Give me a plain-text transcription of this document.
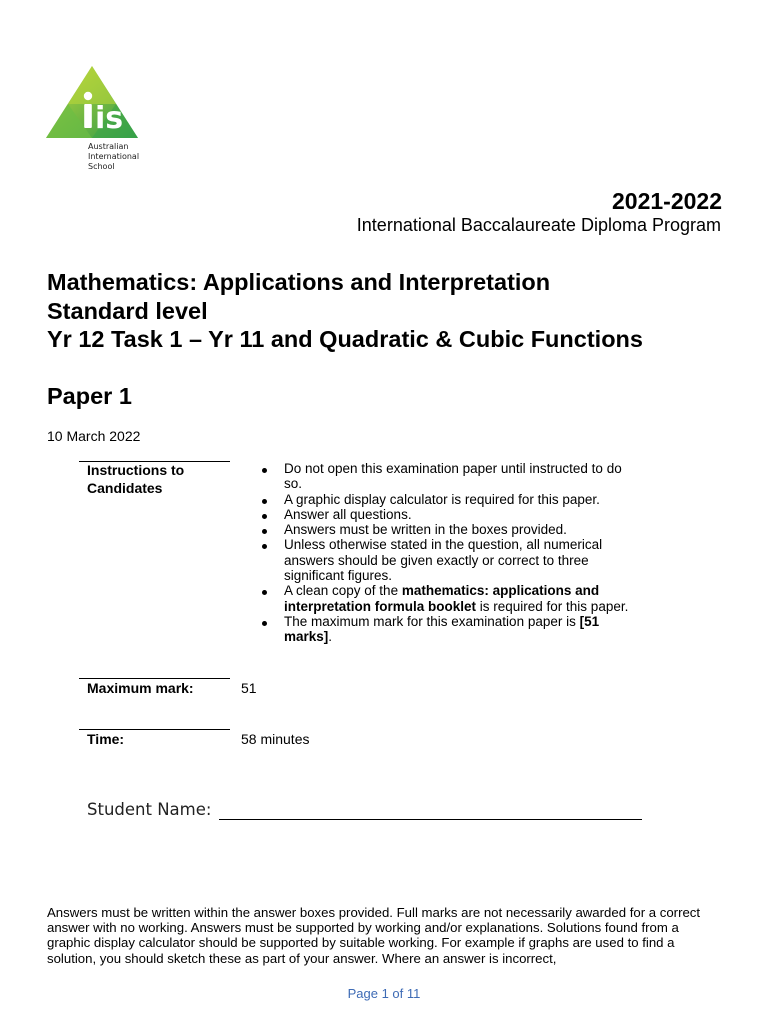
is
Australian
International
School
2021-2022
International Baccalaureate Diploma Program
Mathematics: Applications and Interpretation
Standard level
Yr 12 Task 1 – Yr 11 and Quadratic & Cubic Functions
Paper 1
10 March 2022
Instructions to Candidates
Do not open this examination paper until instructed to do so.
A graphic display calculator is required for this paper.
Answer all questions.
Answers must be written in the boxes provided.
Unless otherwise stated in the question, all numerical answers should be given exactly or correct to three significant figures.
A clean copy of the mathematics: applications and interpretation formula booklet is required for this paper.
The maximum mark for this examination paper is [51 marks].
Maximum mark:	51
Time:	58 minutes
Student Name:
Answers must be written within the answer boxes provided. Full marks are not necessarily awarded for a correct answer with no working. Answers must be supported by working and/or explanations. Solutions found from a graphic display calculator should be supported by suitable working. For example if graphs are used to find a solution, you should sketch these as part of your answer. Where an answer is incorrect,
Page 1 of 11
